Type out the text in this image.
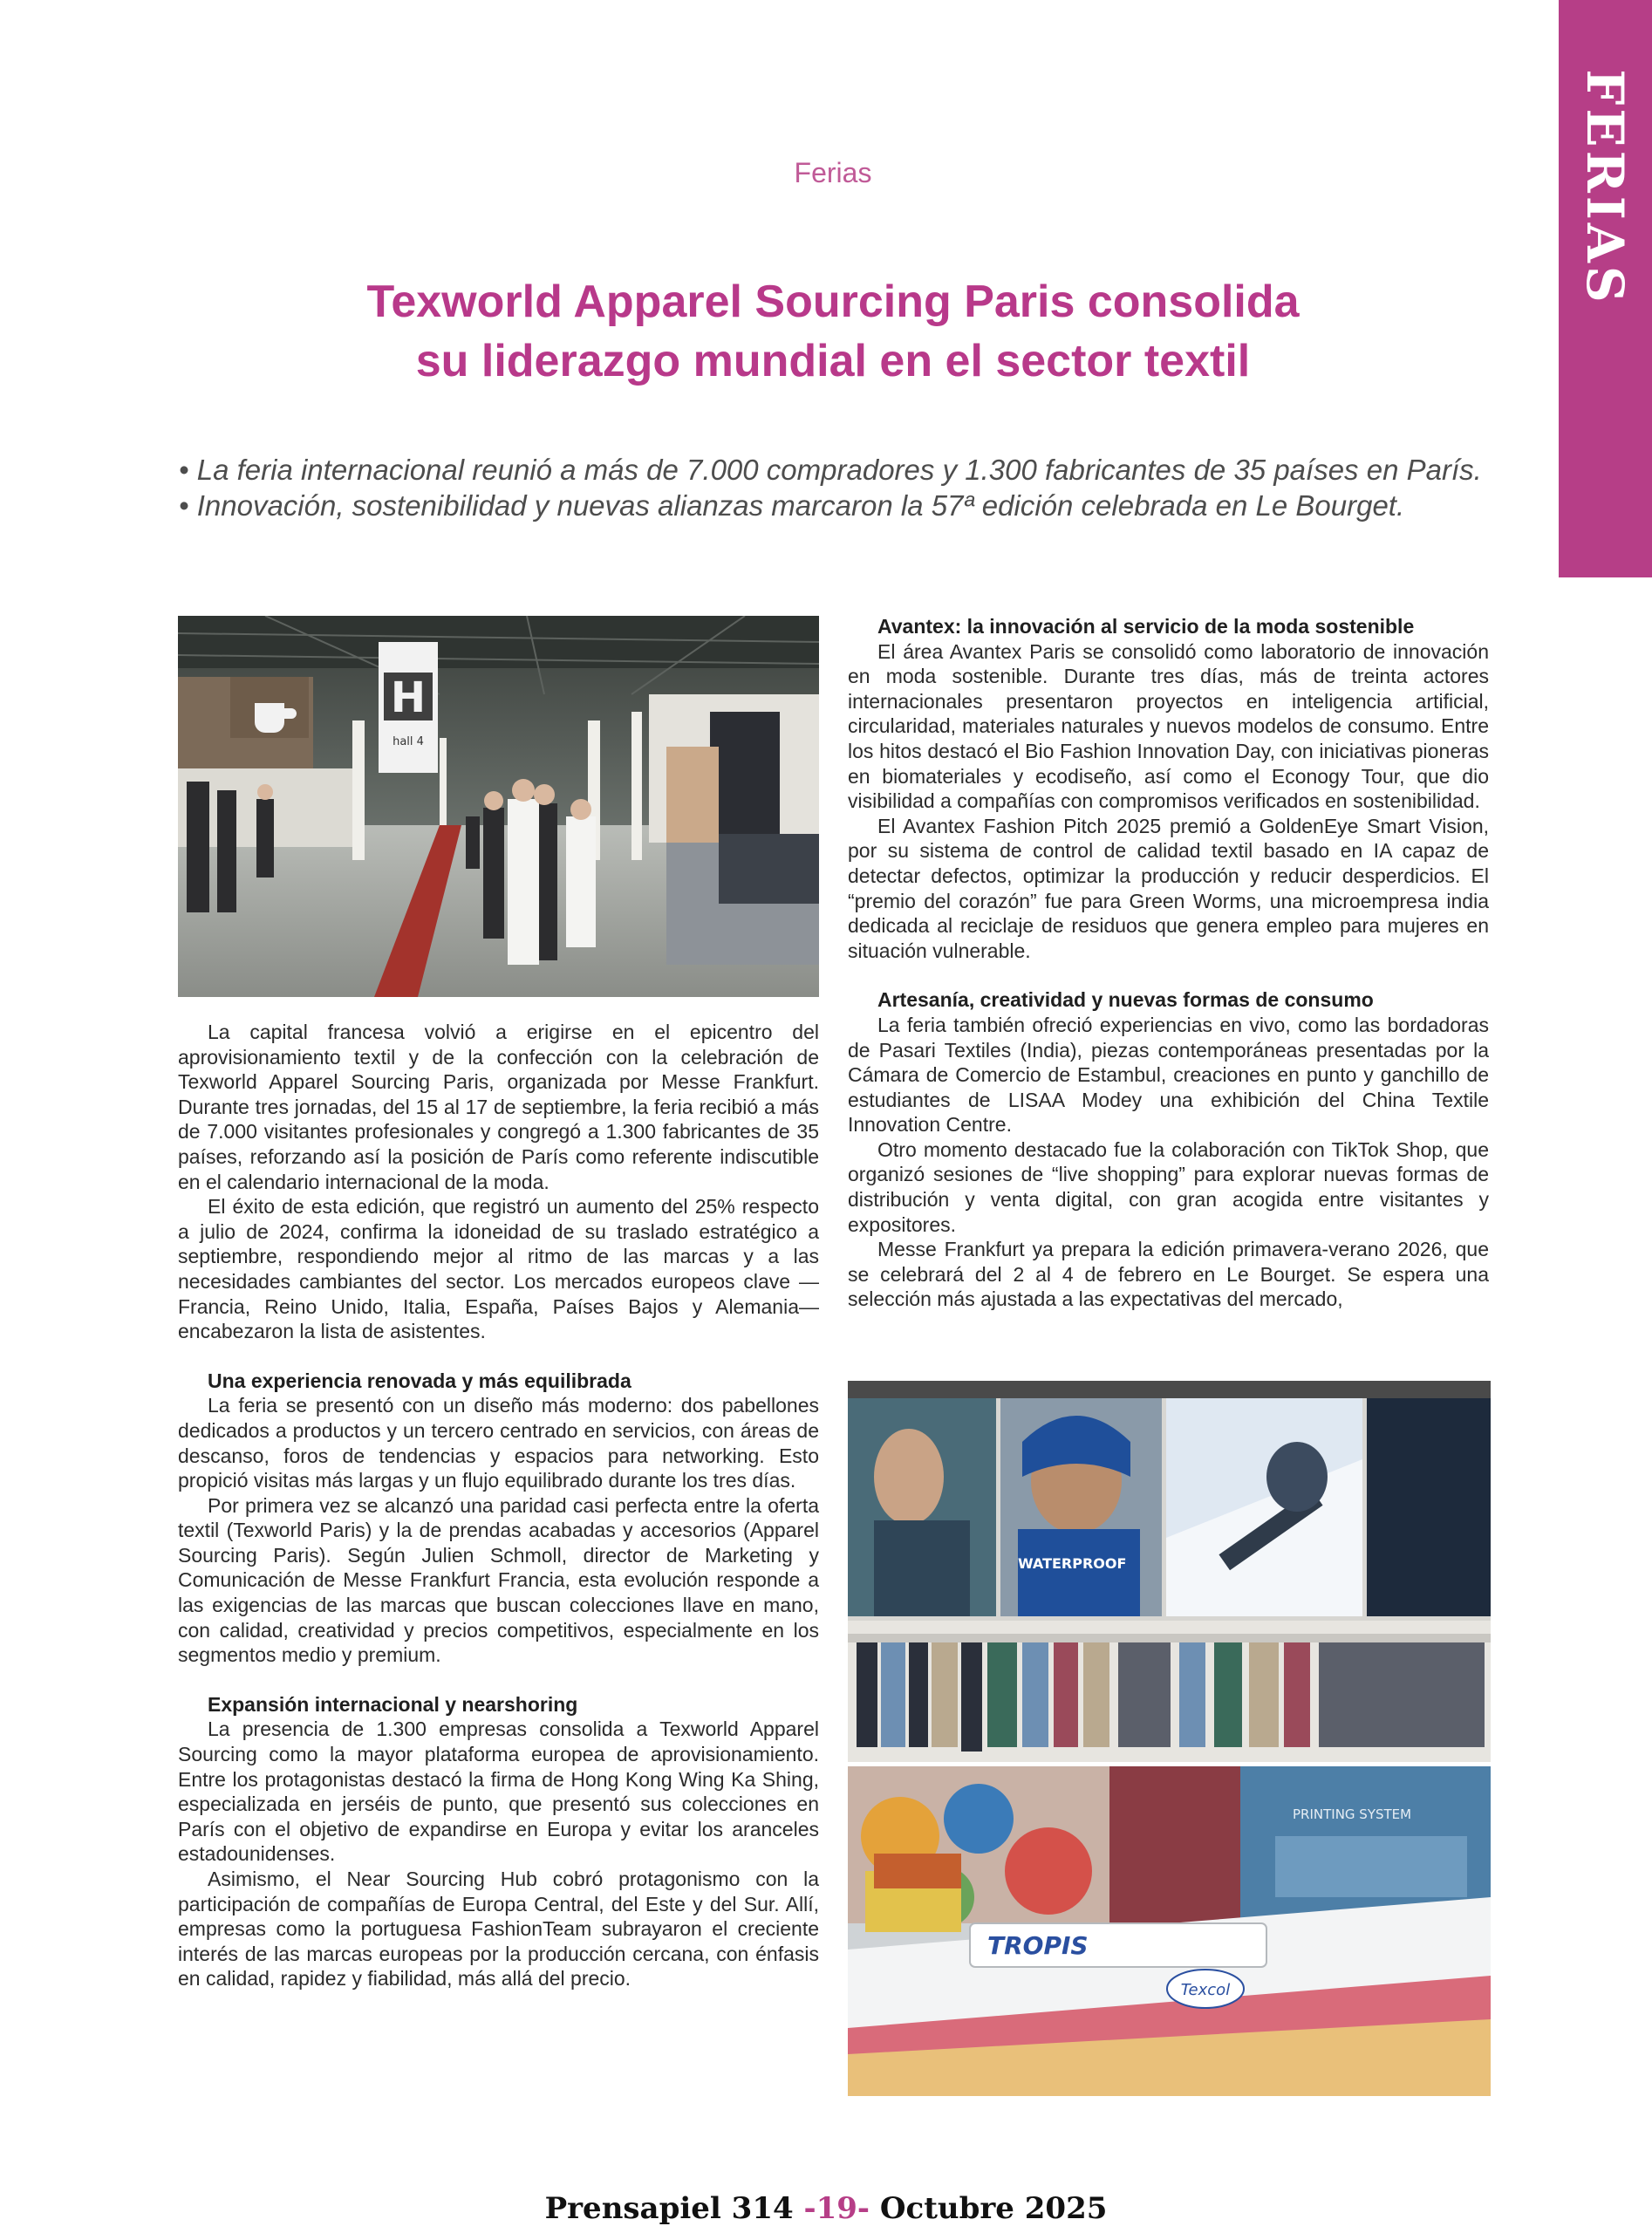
FERIAS
Ferias
Texworld Apparel Sourcing Paris consolida
su liderazgo mundial en el sector textil
• La feria internacional reunió a más de 7.000 compradores y 1.300 fabricantes de 35 países en París.
• Innovación, sostenibilidad y nuevas alianzas marcaron la 57ª edición celebrada en Le Bourget.
H
hall 4

La capital francesa volvió a erigirse en el epicentro del aprovisionamiento textil y de la confección con la celebración de Texworld Apparel Sourcing Paris, organizada por Messe Frankfurt. Durante tres jornadas, del 15 al 17 de septiembre, la feria recibió a más de 7.000 visitantes profesionales y congregó a 1.300 fabricantes de 35 países, reforzando así la posición de París como referente indiscutible en el calendario internacional de la moda.

El éxito de esta edición, que registró un aumento del 25% respecto a julio de 2024, confirma la idoneidad de su traslado estratégico a septiembre, respondiendo mejor al ritmo de las marcas y a las necesidades cambiantes del sector. Los mercados europeos clave —Francia, Reino Unido, Italia, España, Países Bajos y Alemania— encabezaron la lista de asistentes.

Una experiencia renovada y más equilibrada

La feria se presentó con un diseño más moderno: dos pabellones dedicados a productos y un tercero centrado en servicios, con áreas de descanso, foros de tendencias y espacios para networking. Esto propició visitas más largas y un flujo equilibrado durante los tres días.

Por primera vez se alcanzó una paridad casi perfecta entre la oferta textil (Texworld Paris) y la de prendas acabadas y accesorios (Apparel Sourcing Paris). Según Julien Schmoll, director de Marketing y Comunicación de Messe Frankfurt Francia, esta evolución responde a las exigencias de las marcas que buscan colecciones llave en mano, con calidad, creatividad y precios competitivos, especialmente en los segmentos medio y premium.

Expansión internacional y nearshoring

La presencia de 1.300 empresas consolida a Texworld Apparel Sourcing como la mayor plataforma europea de aprovisionamiento. Entre los protagonistas destacó la firma de Hong Kong Wing Ka Shing, especializada en jerséis de punto, que presentó sus colecciones en París con el objetivo de expandirse en Europa y evitar los aranceles estadounidenses.

Asimismo, el Near Sourcing Hub cobró protagonismo con la participación de compañías de Europa Central, del Este y del Sur. Allí, empresas como la portuguesa FashionTeam subrayaron el creciente interés de las marcas europeas por la producción cercana, con énfasis en calidad, rapidez y fiabilidad, más allá del precio.

Avantex: la innovación al servicio de la moda sostenible

El área Avantex Paris se consolidó como laboratorio de innovación en moda sostenible. Durante tres días, más de treinta actores internacionales presentaron proyectos en inteligencia artificial, circularidad, materiales naturales y nuevos modelos de consumo. Entre los hitos destacó el Bio Fashion Innovation Day, con iniciativas pioneras en biomateriales y ecodiseño, así como el Econogy Tour, que dio visibilidad a compañías con compromisos verificados en sostenibilidad.

El Avantex Fashion Pitch 2025 premió a GoldenEye Smart Vision, por su sistema de control de calidad textil basado en IA capaz de detectar defectos, optimizar la producción y reducir desperdicios. El “premio del corazón” fue para Green Worms, una microempresa india dedicada al reciclaje de residuos que genera empleo para mujeres en situación vulnerable.

Artesanía, creatividad y nuevas formas de consumo

La feria también ofreció experiencias en vivo, como las bordadoras de Pasari Textiles (India), piezas contemporáneas presentadas por la Cámara de Comercio de Estambul, creaciones en punto y ganchillo de estudiantes de LISAA Modey una exhibición del China Textile Innovation Centre.

Otro momento destacado fue la colaboración con TikTok Shop, que organizó sesiones de “live shopping” para explorar nuevas formas de distribución y venta digital, con gran acogida entre visitantes y expositores.

Messe Frankfurt ya prepara la edición primavera-verano 2026, que se celebrará del 2 al 4 de febrero en Le Bourget. Se espera una selección más ajustada a las expectativas del mercado,

WATERPROOF
PRINTING SYSTEM
TROPIS
Texcol
Prensapiel 314 -19- Octubre 2025
